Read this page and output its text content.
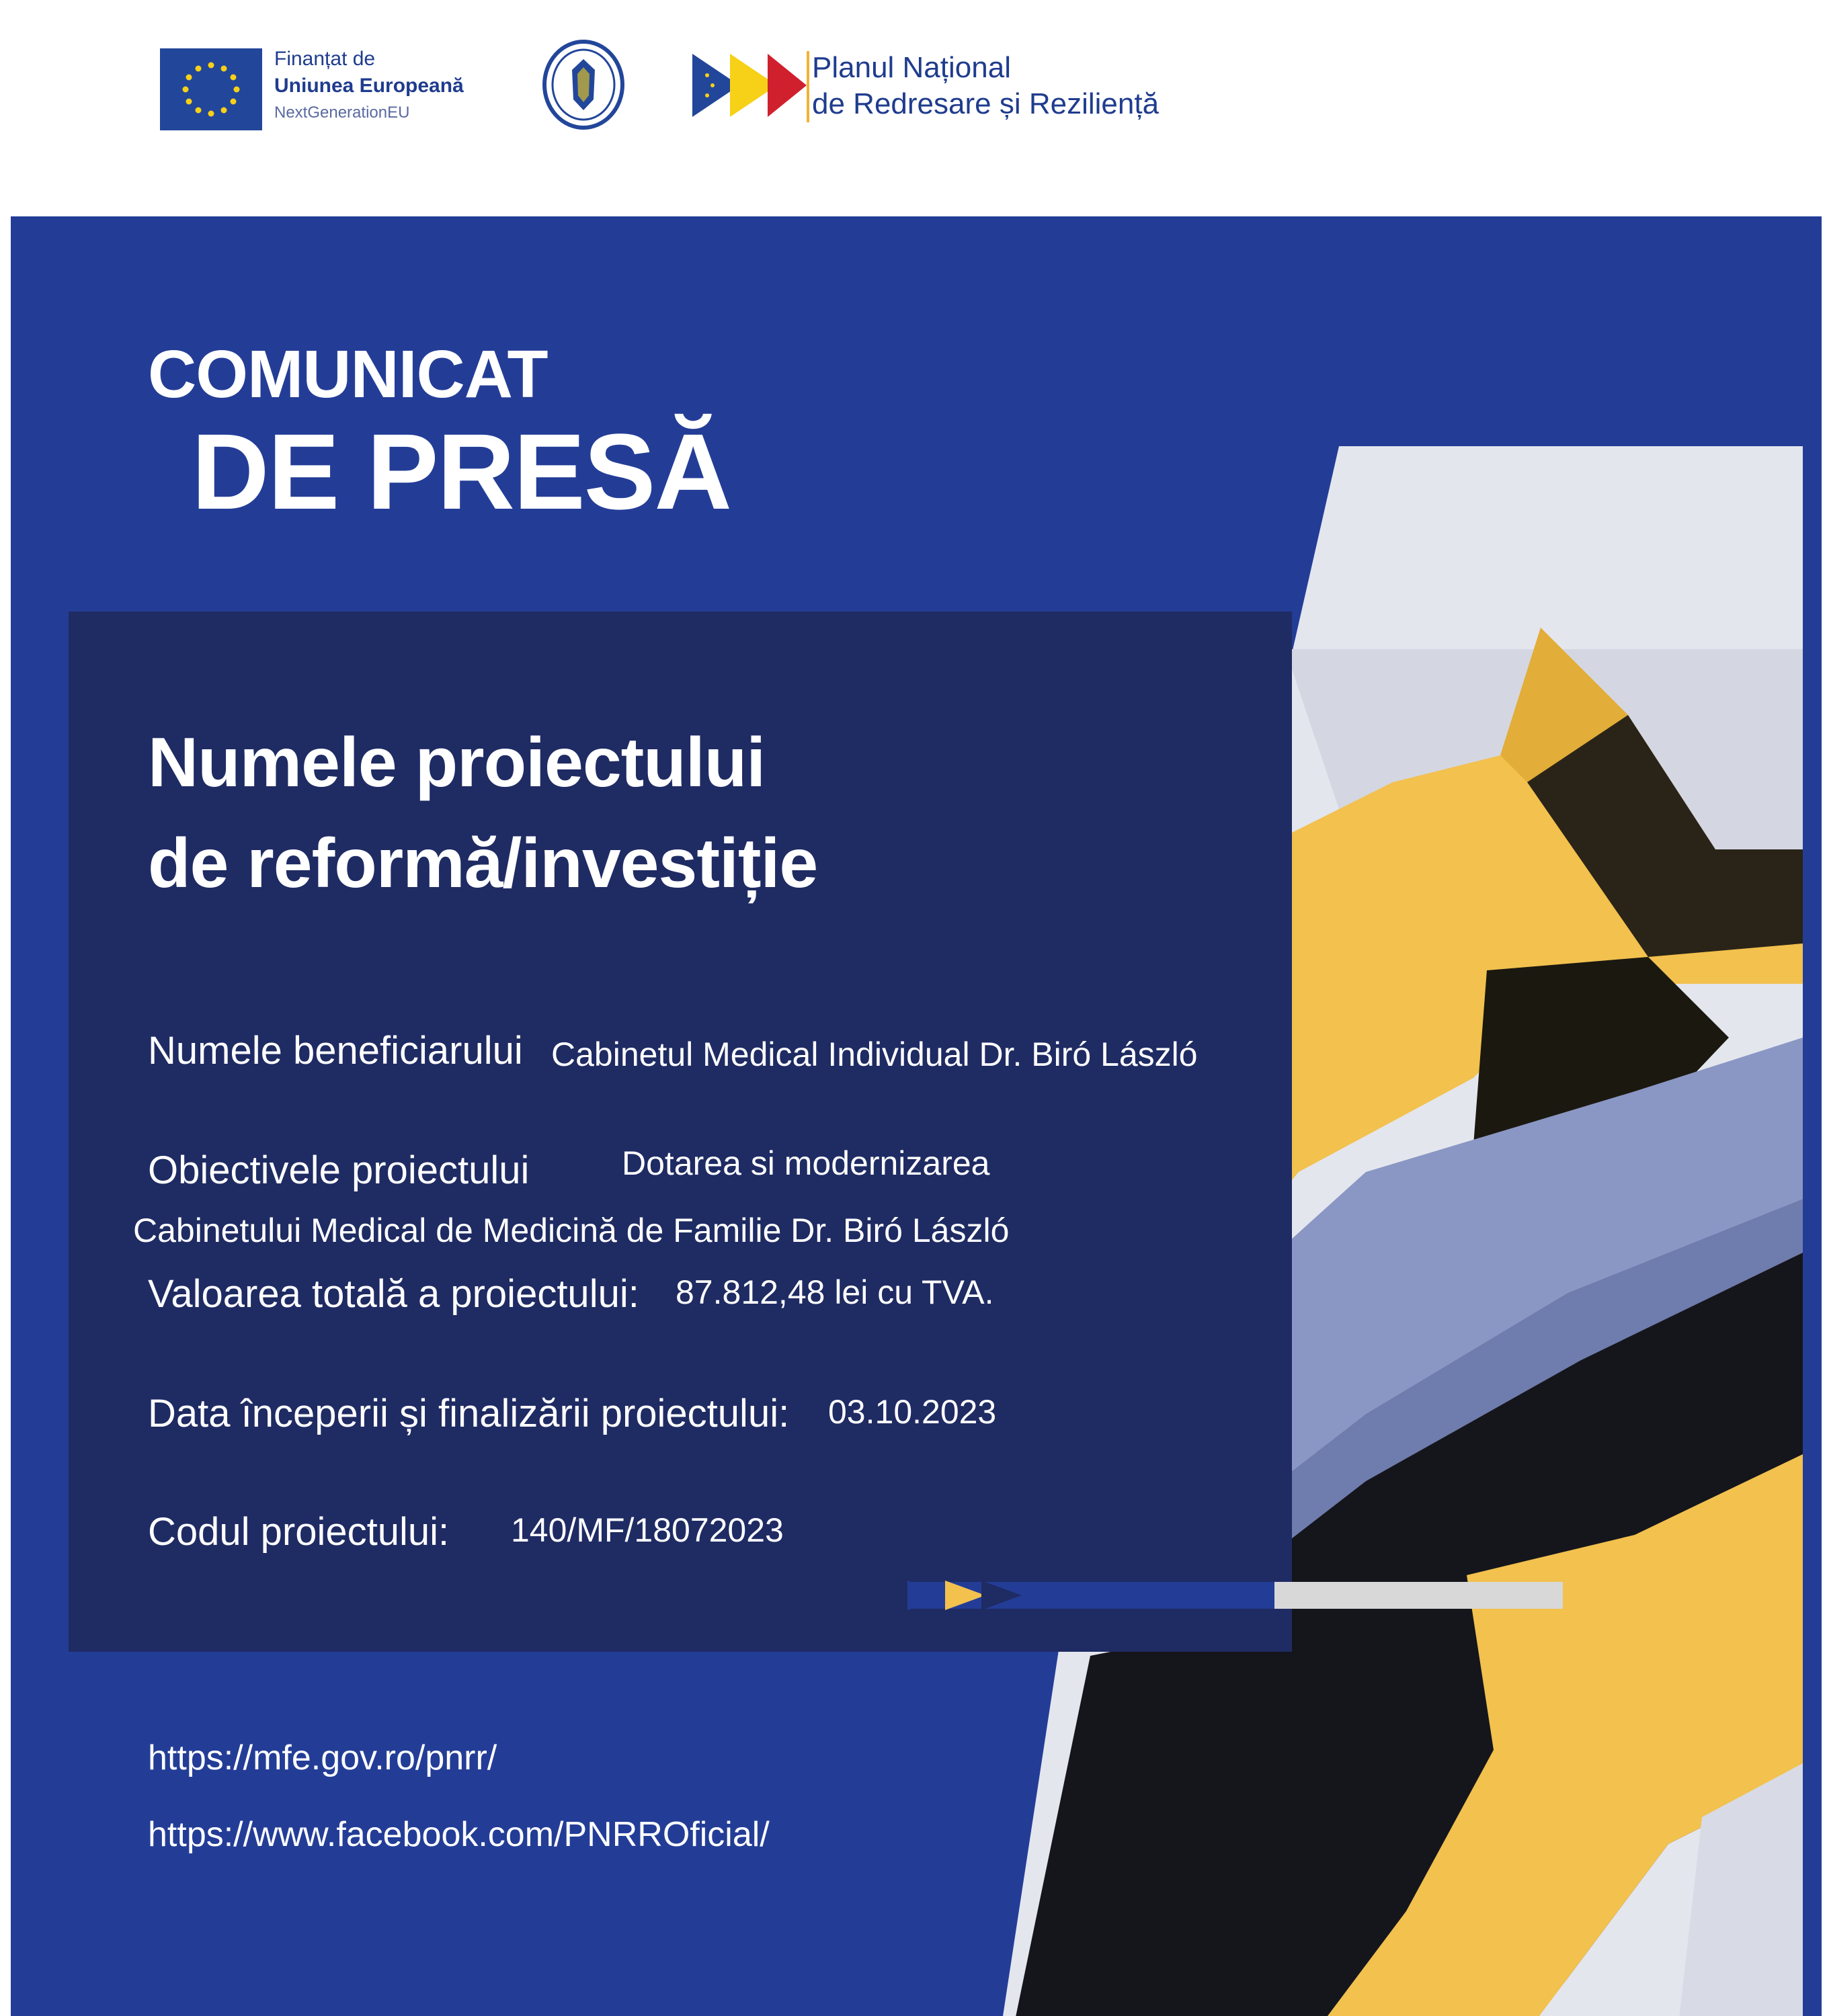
Finanțat de
Uniunea Europeană
NextGenerationEU
Planul Național
de Redresare și Reziliență
COMUNICAT
DE PRESĂ
Numele proiectului
de reformă/investiție
Numele beneficiarului Cabinetul Medical Individual Dr. Biró László
Obiectivele proiectului	Dotarea si modernizarea
Cabinetului Medical de Medicină de Familie Dr. Biró László
Valoarea totală a proiectului: 87.812,48 lei cu TVA.
Data începerii și finalizării proiectului: 03.10.2023
Codul proiectului: 140/MF/18072023
https://mfe.gov.ro/pnrr/
https://www.facebook.com/PNRROficial/
